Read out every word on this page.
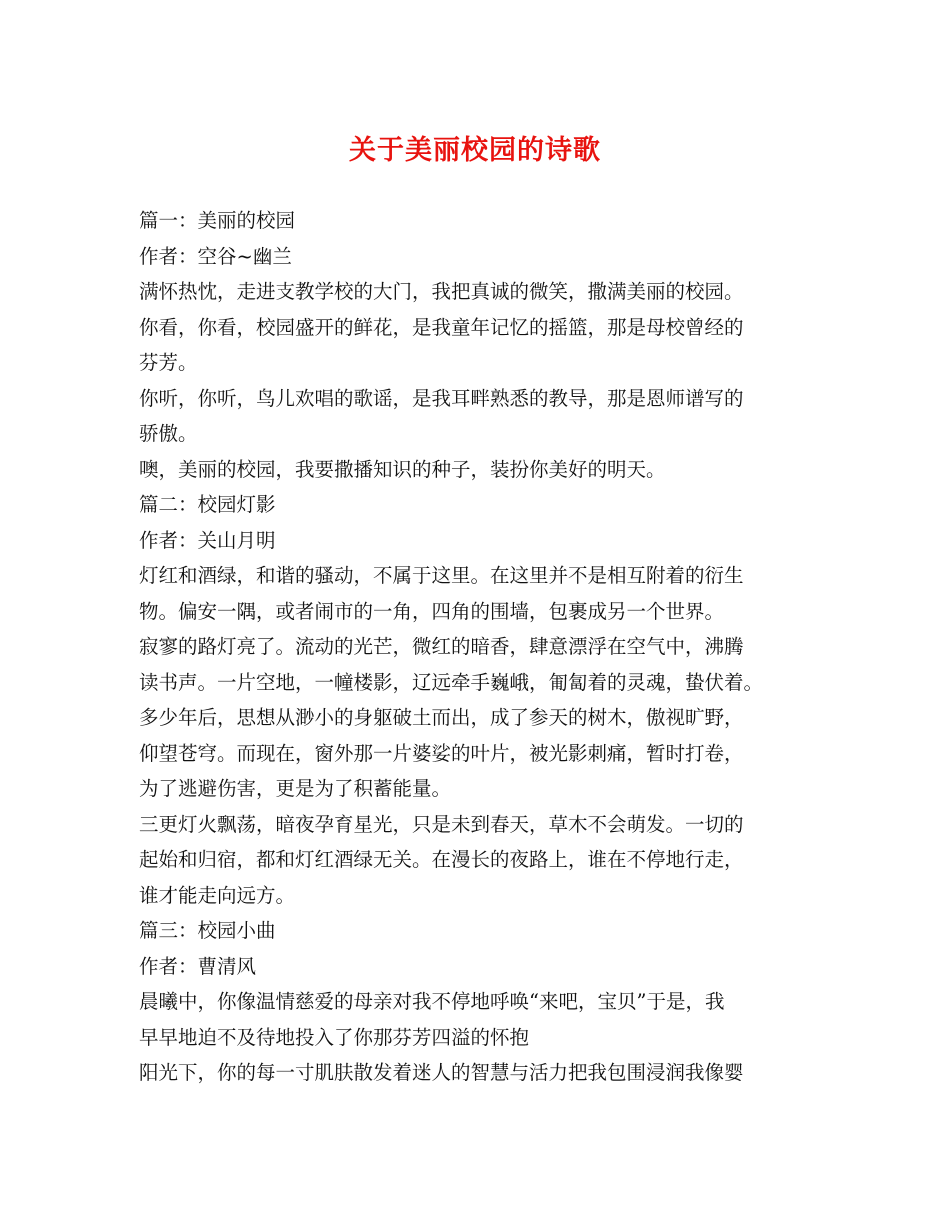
关于美丽校园的诗歌

篇一：美丽的校园

作者：空谷~幽兰

满怀热忱，走进支教学校的大门，我把真诚的微笑，撒满美丽的校园。

你看，你看，校园盛开的鲜花，是我童年记忆的摇篮，那是母校曾经的

芬芳。

你听，你听，鸟儿欢唱的歌谣，是我耳畔熟悉的教导，那是恩师谱写的

骄傲。

噢，美丽的校园，我要撒播知识的种子，装扮你美好的明天。

篇二：校园灯影

作者：关山月明

灯红和酒绿，和谐的骚动，不属于这里。在这里并不是相互附着的衍生

物。偏安一隅，或者闹市的一角，四角的围墙，包裹成另一个世界。

寂寥的路灯亮了。流动的光芒，微红的暗香，肆意漂浮在空气中，沸腾

读书声。一片空地，一幢楼影，辽远牵手巍峨，匍匐着的灵魂，蛰伏着。

多少年后，思想从渺小的身躯破土而出，成了参天的树木，傲视旷野，

仰望苍穹。而现在，窗外那一片婆娑的叶片，被光影刺痛，暂时打卷，

为了逃避伤害，更是为了积蓄能量。

三更灯火飘荡，暗夜孕育星光，只是未到春天，草木不会萌发。一切的

起始和归宿，都和灯红酒绿无关。在漫长的夜路上，谁在不停地行走，

谁才能走向远方。

篇三：校园小曲

作者：曹清风

晨曦中，你像温情慈爱的母亲对我不停地呼唤“来吧，宝贝”于是，我

早早地迫不及待地投入了你那芬芳四溢的怀抱

阳光下，你的每一寸肌肤散发着迷人的智慧与活力把我包围浸润我像婴
